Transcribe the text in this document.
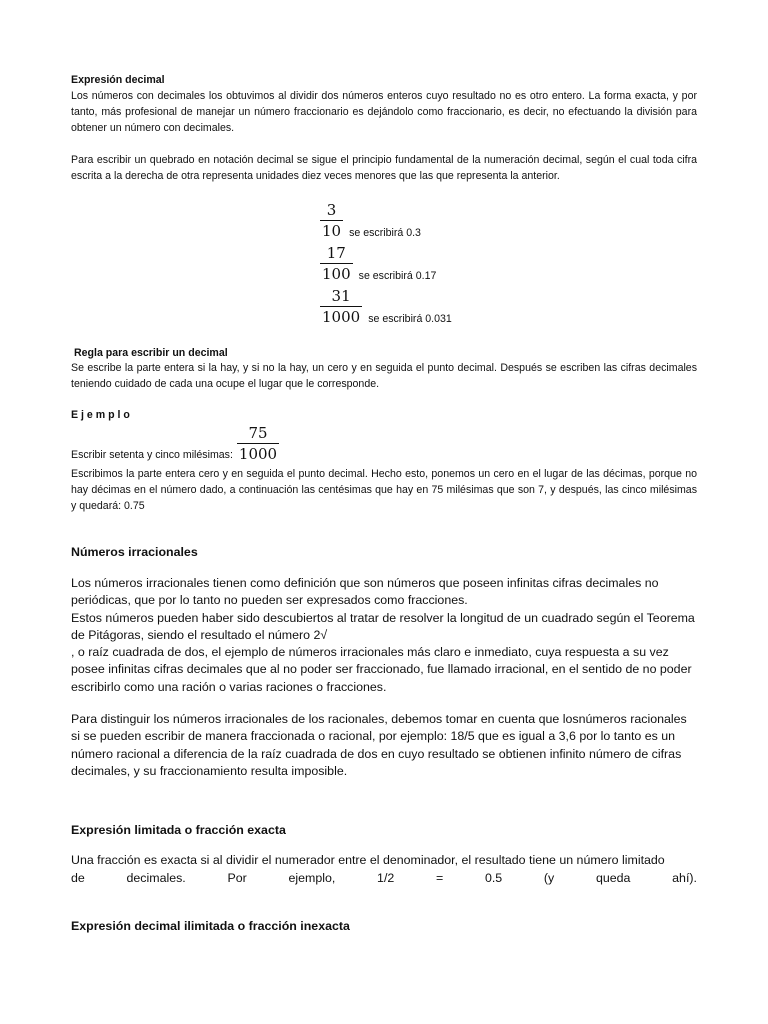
Expresión decimal
Los números con decimales los obtuvimos al dividir dos números enteros cuyo resultado no es otro entero. La forma exacta, y por tanto, más profesional de manejar un número fraccionario es dejándolo como fraccionario, es decir, no efectuando la división para obtener un número con decimales.
Para escribir un quebrado en notación decimal se sigue el principio fundamental de la numeración decimal, según el cual toda cifra escrita a la derecha de otra representa unidades diez veces menores que las que representa la anterior.
$\frac{3}{10}$ se escribirá 0.3
$\frac{17}{100}$ se escribirá 0.17
$\frac{31}{1000}$ se escribirá 0.031
Regla para escribir un decimal
Se escribe la parte entera si la hay, y si no la hay, un cero y en seguida el punto decimal. Después se escriben las cifras decimales teniendo cuidado de cada una ocupe el lugar que le corresponde.
E j e m p l o
Escribir setenta y cinco milésimas: $\frac{75}{1000}$
Escribimos la parte entera cero y en seguida el punto decimal. Hecho esto, ponemos un cero en el lugar de las décimas, porque no hay décimas en el número dado, a continuación las centésimas que hay en 75 milésimas que son 7, y después, las cinco milésimas y quedará: 0.75
Números irracionales
Los números irracionales tienen como definición que son números que poseen infinitas cifras decimales no periódicas, que por lo tanto no pueden ser expresados como fracciones.
Estos números pueden haber sido descubiertos al tratar de resolver la longitud de un cuadrado según el Teorema de Pitágoras, siendo el resultado el número 2√
, o raíz cuadrada de dos, el ejemplo de números irracionales más claro e inmediato, cuya respuesta a su vez posee infinitas cifras decimales que al no poder ser fraccionado, fue llamado irracional, en el sentido de no poder escribirlo como una ración o varias raciones o fracciones.
Para distinguir los números irracionales de los racionales, debemos tomar en cuenta que losnúmeros racionales si se pueden escribir de manera fraccionada o racional, por ejemplo: 18/5 que es igual a 3,6 por lo tanto es un número racional a diferencia de la raíz cuadrada de dos en cuyo resultado se obtienen infinito número de cifras decimales, y su fraccionamiento resulta imposible.
Expresión limitada o fracción exacta
Una fracción es exacta si al dividir el numerador entre el denominador, el resultado tiene un número limitado
de	decimales.	Por	ejemplo,	1/2	=	0.5	(y	queda	ahí).
Expresión decimal ilimitada o fracción inexacta
